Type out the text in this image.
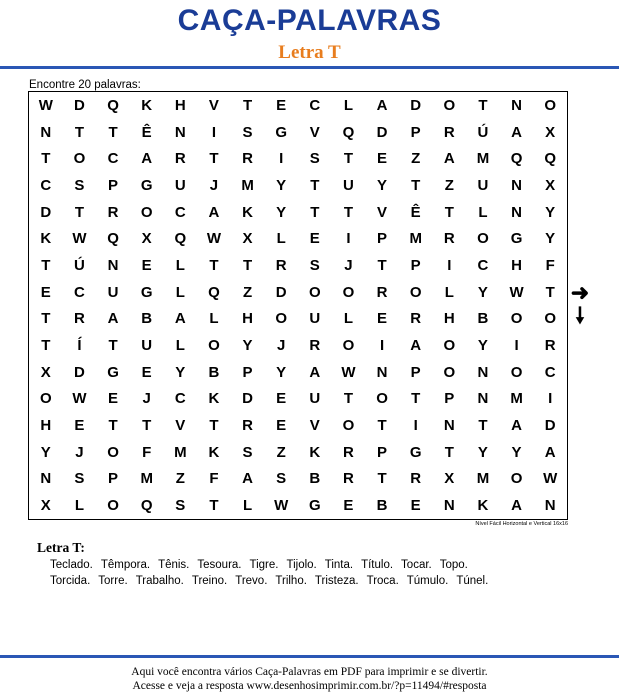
CAÇA-PALAVRAS
Letra T
Encontre 20 palavras:
W	D	Q	K	H	V	T	E	C	L	A	D	O	T	N	O
N	T	T	Ê	N	I	S	G	V	Q	D	P	R	Ú	A	X
T	O	C	A	R	T	R	I	S	T	E	Z	A	M	Q	Q
C	S	P	G	U	J	M	Y	T	U	Y	T	Z	U	N	X
D	T	R	O	C	A	K	Y	T	T	V	Ê	T	L	N	Y
K	W	Q	X	Q	W	X	L	E	I	P	M	R	O	G	Y
T	Ú	N	E	L	T	T	R	S	J	T	P	I	C	H	F
E	C	U	G	L	Q	Z	D	O	O	R	O	L	Y	W	T
T	R	A	B	A	L	H	O	U	L	E	R	H	B	O	O
T	Í	T	U	L	O	Y	J	R	O	I	A	O	Y	I	R
X	D	G	E	Y	B	P	Y	A	W	N	P	O	N	O	C
O	W	E	J	C	K	D	E	U	T	O	T	P	N	M	I
H	E	T	T	V	T	R	E	V	O	T	I	N	T	A	D
Y	J	O	F	M	K	S	Z	K	R	P	G	T	Y	Y	A
N	S	P	M	Z	F	A	S	B	R	T	R	X	M	O	W
X	L	O	Q	S	T	L	W	G	E	B	E	N	K	A	N
Nível Fácil Horizontal e Vertical 16x16
➜
🠗
Letra T:
Teclado. Têmpora. Tênis. Tesoura. Tigre. Tijolo. Tinta. Título. Tocar. Topo.
Torcida. Torre. Trabalho. Treino. Trevo. Trilho. Tristeza. Troca. Túmulo. Túnel.
Aqui você encontra vários Caça-Palavras em PDF para imprimir e se divertir.
Acesse e veja a resposta www.desenhosimprimir.com.br/?p=11494/#resposta
